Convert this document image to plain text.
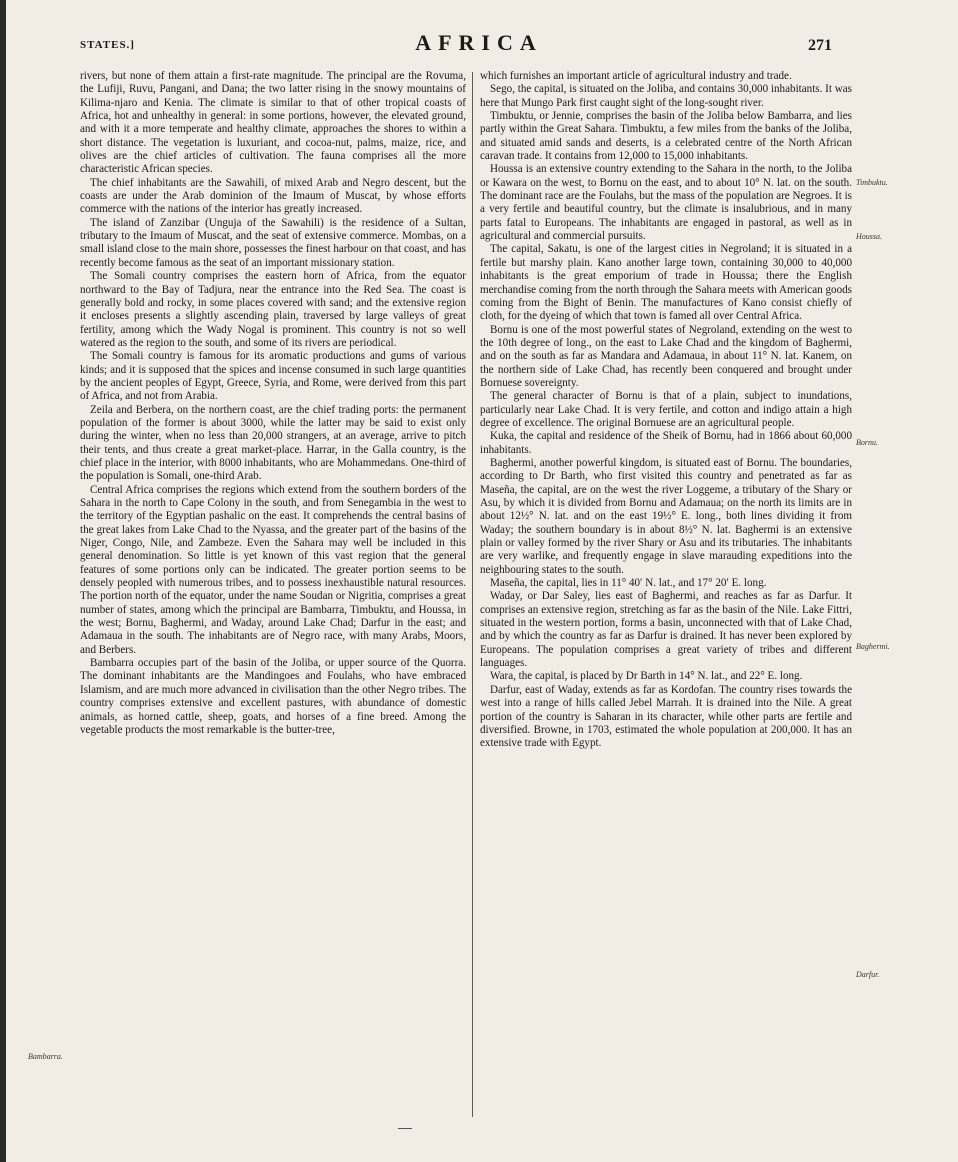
STATES.]	AFRICA	271

rivers, but none of them attain a first-rate magnitude. The principal are the Rovuma, the Lufiji, Ruvu, Pangani, and Dana; the two latter rising in the snowy mountains of Kilima-njaro and Kenia. The climate is similar to that of other tropical coasts of Africa, hot and unhealthy in general: in some portions, however, the elevated ground, and with it a more temperate and healthy climate, approaches the shores to within a short distance. The vegetation is luxuriant, and cocoa-nut, palms, maize, rice, and olives are the chief articles of cultivation. The fauna comprises all the more characteristic African species.

The chief inhabitants are the Sawahili, of mixed Arab and Negro descent, but the coasts are under the Arab dominion of the Imaum of Muscat, by whose efforts commerce with the nations of the interior has greatly increased.

The island of Zanzibar (Unguja of the Sawahili) is the residence of a Sultan, tributary to the Imaum of Muscat, and the seat of extensive commerce. Mombas, on a small island close to the main shore, possesses the finest harbour on that coast, and has recently become famous as the seat of an important missionary station.

The Somali country comprises the eastern horn of Africa, from the equator northward to the Bay of Tadjura, near the entrance into the Red Sea. The coast is generally bold and rocky, in some places covered with sand; and the extensive region it encloses presents a slightly ascending plain, traversed by large valleys of great fertility, among which the Wady Nogal is prominent. This country is not so well watered as the region to the south, and some of its rivers are periodical.

The Somali country is famous for its aromatic productions and gums of various kinds; and it is supposed that the spices and incense consumed in such large quantities by the ancient peoples of Egypt, Greece, Syria, and Rome, were derived from this part of Africa, and not from Arabia.

Zeila and Berbera, on the northern coast, are the chief trading ports: the permanent population of the former is about 3000, while the latter may be said to exist only during the winter, when no less than 20,000 strangers, at an average, arrive to pitch their tents, and thus create a great market-place. Harrar, in the Galla country, is the chief place in the interior, with 8000 inhabitants, who are Mohammedans. One-third of the population is Somali, one-third Arab.

Central Africa comprises the regions which extend from the southern borders of the Sahara in the north to Cape Colony in the south, and from Senegambia in the west to the territory of the Egyptian pashalic on the east. It comprehends the central basins of the great lakes from Lake Chad to the Nyassa, and the greater part of the basins of the Niger, Congo, Nile, and Zambeze. Even the Sahara may well be included in this general denomination. So little is yet known of this vast region that the general features of some portions only can be indicated. The greater portion seems to be densely peopled with numerous tribes, and to possess inexhaustible natural resources. The portion north of the equator, under the name Soudan or Nigritia, comprises a great number of states, among which the principal are Bambarra, Timbuktu, and Houssa, in the west; Bornu, Baghermi, and Waday, around Lake Chad; Darfur in the east; and Adamaua in the south. The inhabitants are of Negro race, with many Arabs, Moors, and Berbers.

Bambarra occupies part of the basin of the Joliba, or upper source of the Quorra. The dominant inhabitants are the Mandingoes and Foulahs, who have embraced Islamism, and are much more advanced in civilisation than the other Negro tribes. The country comprises extensive and excellent pastures, with abundance of domestic animals, as horned cattle, sheep, goats, and horses of a fine breed. Among the vegetable products the most remarkable is the butter-tree,

which furnishes an important article of agricultural industry and trade.

Sego, the capital, is situated on the Joliba, and contains 30,000 inhabitants. It was here that Mungo Park first caught sight of the long-sought river.

Timbuktu, or Jennie, comprises the basin of the Joliba below Bambarra, and lies partly within the Great Sahara. Timbuktu, a few miles from the banks of the Joliba, and situated amid sands and deserts, is a celebrated centre of the North African caravan trade. It contains from 12,000 to 15,000 inhabitants.

Houssa is an extensive country extending to the Sahara in the north, to the Joliba or Kawara on the west, to Bornu on the east, and to about 10° N. lat. on the south. The dominant race are the Foulahs, but the mass of the population are Negroes. It is a very fertile and beautiful country, but the climate is insalubrious, and in many parts fatal to Europeans. The inhabitants are engaged in pastoral, as well as in agricultural and commercial pursuits.

The capital, Sakatu, is one of the largest cities in Negroland; it is situated in a fertile but marshy plain. Kano another large town, containing 30,000 to 40,000 inhabitants is the great emporium of trade in Houssa; there the English merchandise coming from the north through the Sahara meets with American goods coming from the Bight of Benin. The manufactures of Kano consist chiefly of cloth, for the dyeing of which that town is famed all over Central Africa.

Bornu is one of the most powerful states of Negroland, extending on the west to the 10th degree of long., on the east to Lake Chad and the kingdom of Baghermi, and on the south as far as Mandara and Adamaua, in about 11° N. lat. Kanem, on the northern side of Lake Chad, has recently been conquered and brought under Bornuese sovereignty.

The general character of Bornu is that of a plain, subject to inundations, particularly near Lake Chad. It is very fertile, and cotton and indigo attain a high degree of excellence. The original Bornuese are an agricultural people.

Kuka, the capital and residence of the Sheik of Bornu, had in 1866 about 60,000 inhabitants.

Baghermi, another powerful kingdom, is situated east of Bornu. The boundaries, according to Dr Barth, who first visited this country and penetrated as far as Maseña, the capital, are on the west the river Loggeme, a tributary of the Shary or Asu, by which it is divided from Bornu and Adamaua; on the north its limits are in about 12½° N. lat. and on the east 19½° E. long., both lines dividing it from Waday; the southern boundary is in about 8½° N. lat. Baghermi is an extensive plain or valley formed by the river Shary or Asu and its tributaries. The inhabitants are very warlike, and frequently engage in slave marauding expeditions into the neighbouring states to the south.

Maseña, the capital, lies in 11° 40′ N. lat., and 17° 20′ E. long.

Waday, or Dar Saley, lies east of Baghermi, and reaches as far as Darfur. It comprises an extensive region, stretching as far as the basin of the Nile. Lake Fittri, situated in the western portion, forms a basin, unconnected with that of Lake Chad, and by which the country as far as Darfur is drained. It has never been explored by Europeans. The population comprises a great variety of tribes and different languages.

Wara, the capital, is placed by Dr Barth in 14° N. lat., and 22° E. long.

Darfur, east of Waday, extends as far as Kordofan. The country rises towards the west into a range of hills called Jebel Marrah. It is drained into the Nile. A great portion of the country is Saharan in its character, while other parts are fertile and diversified. Browne, in 1703, estimated the whole population at 200,000. It has an extensive trade with Egypt.

Bambarra.
Timbuktu.
Houssa.
Bornu.
Baghermi.
Darfur.
